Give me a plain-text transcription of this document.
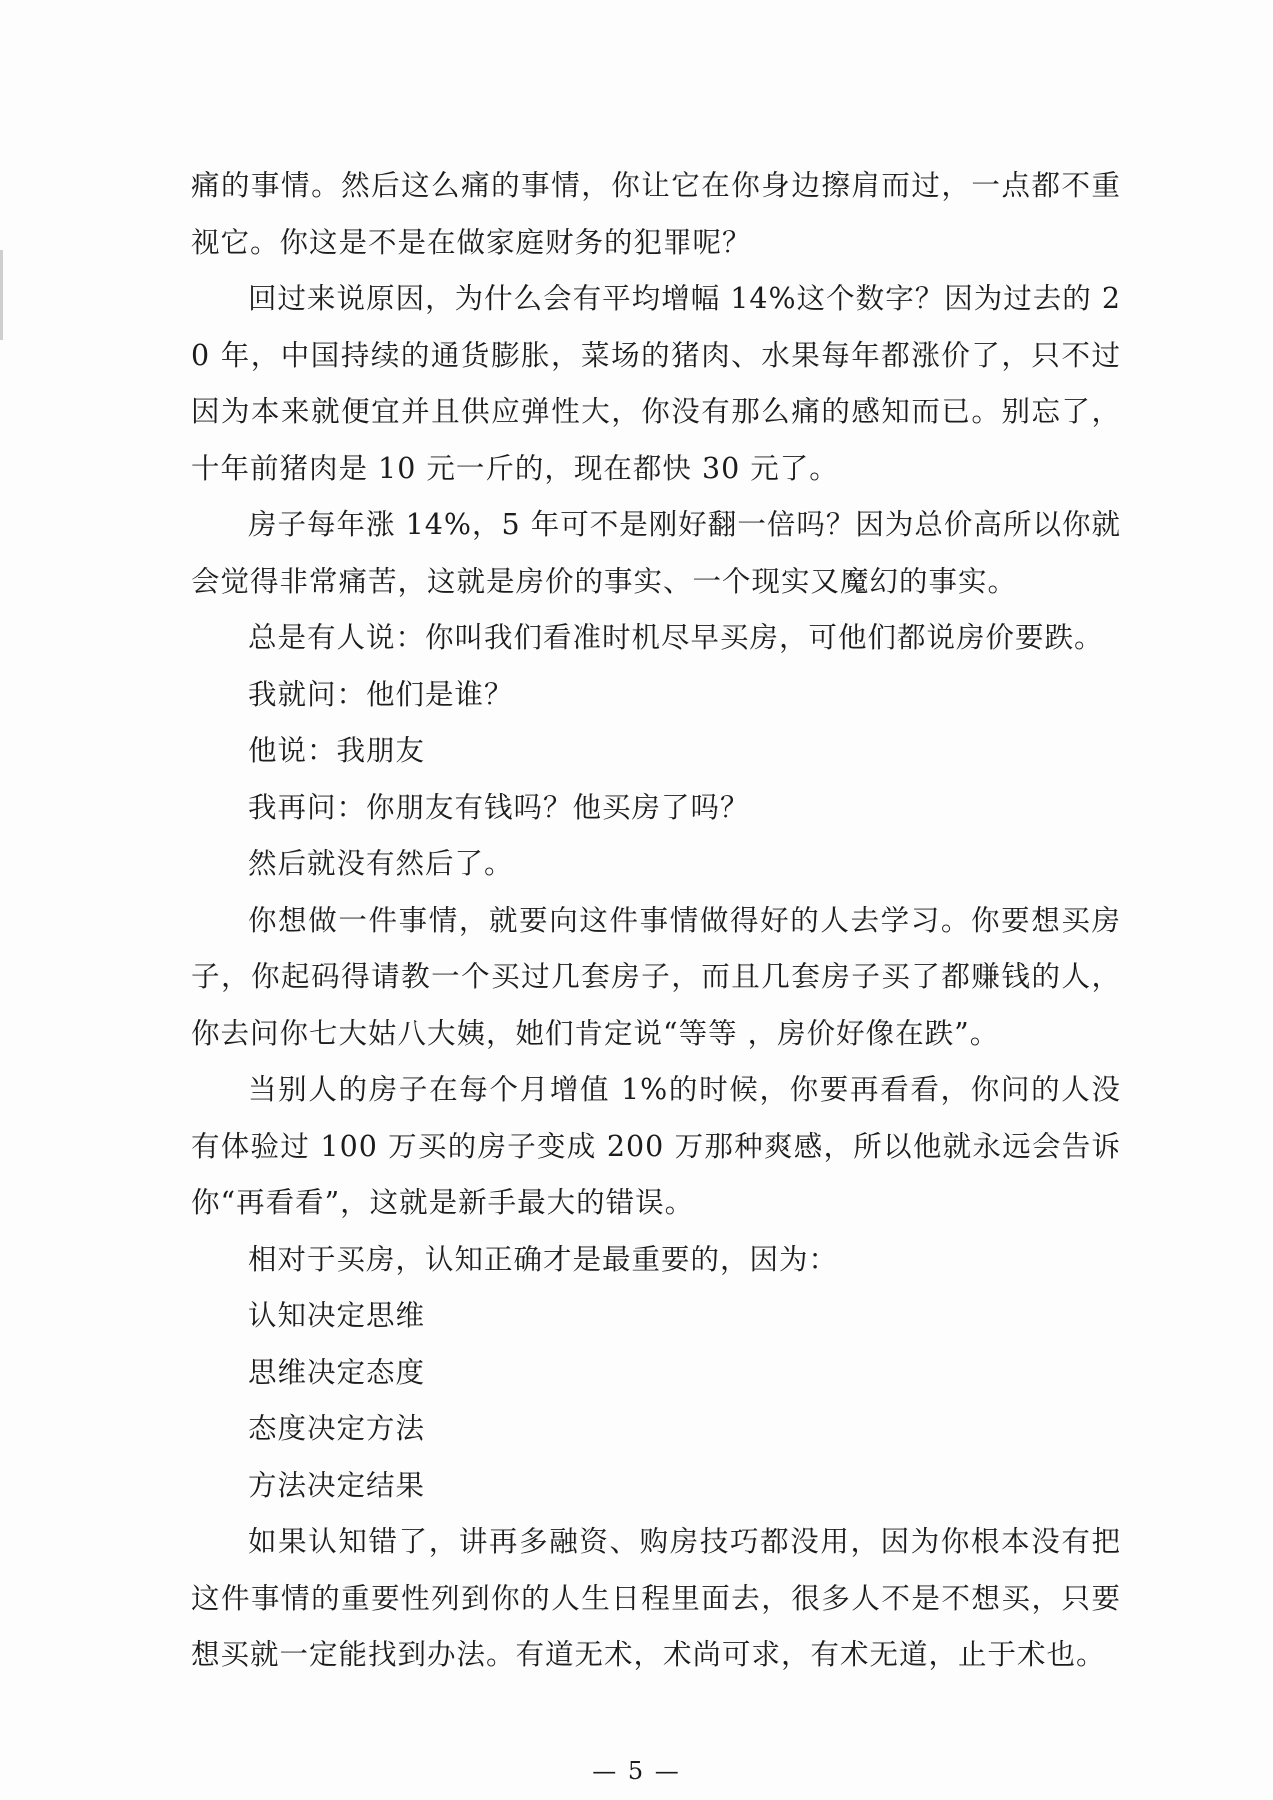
痛的事情。然后这么痛的事情，你让它在你身边擦肩而过，一点都不重视它。你这是不是在做家庭财务的犯罪呢？

回过来说原因，为什么会有平均增幅 14%这个数字？因为过去的 20 年，中国持续的通货膨胀，菜场的猪肉、水果每年都涨价了，只不过因为本来就便宜并且供应弹性大，你没有那么痛的感知而已。别忘了，十年前猪肉是 10 元一斤的，现在都快 30 元了。

房子每年涨 14%，5 年可不是刚好翻一倍吗？因为总价高所以你就会觉得非常痛苦，这就是房价的事实、一个现实又魔幻的事实。

总是有人说：你叫我们看准时机尽早买房，可他们都说房价要跌。

我就问：他们是谁？

他说：我朋友

我再问：你朋友有钱吗？他买房了吗？

然后就没有然后了。

你想做一件事情，就要向这件事情做得好的人去学习。你要想买房子，你起码得请教一个买过几套房子，而且几套房子买了都赚钱的人，你去问你七大姑八大姨，她们肯定说“等等 ，房价好像在跌”。

当别人的房子在每个月增值 1%的时候，你要再看看，你问的人没有体验过 100 万买的房子变成 200 万那种爽感，所以他就永远会告诉你“再看看”，这就是新手最大的错误。

相对于买房，认知正确才是最重要的，因为：

认知决定思维

思维决定态度

态度决定方法

方法决定结果

如果认知错了，讲再多融资、购房技巧都没用，因为你根本没有把这件事情的重要性列到你的人生日程里面去，很多人不是不想买，只要想买就一定能找到办法。有道无术，术尚可求，有术无道，止于术也。

— 5 —
